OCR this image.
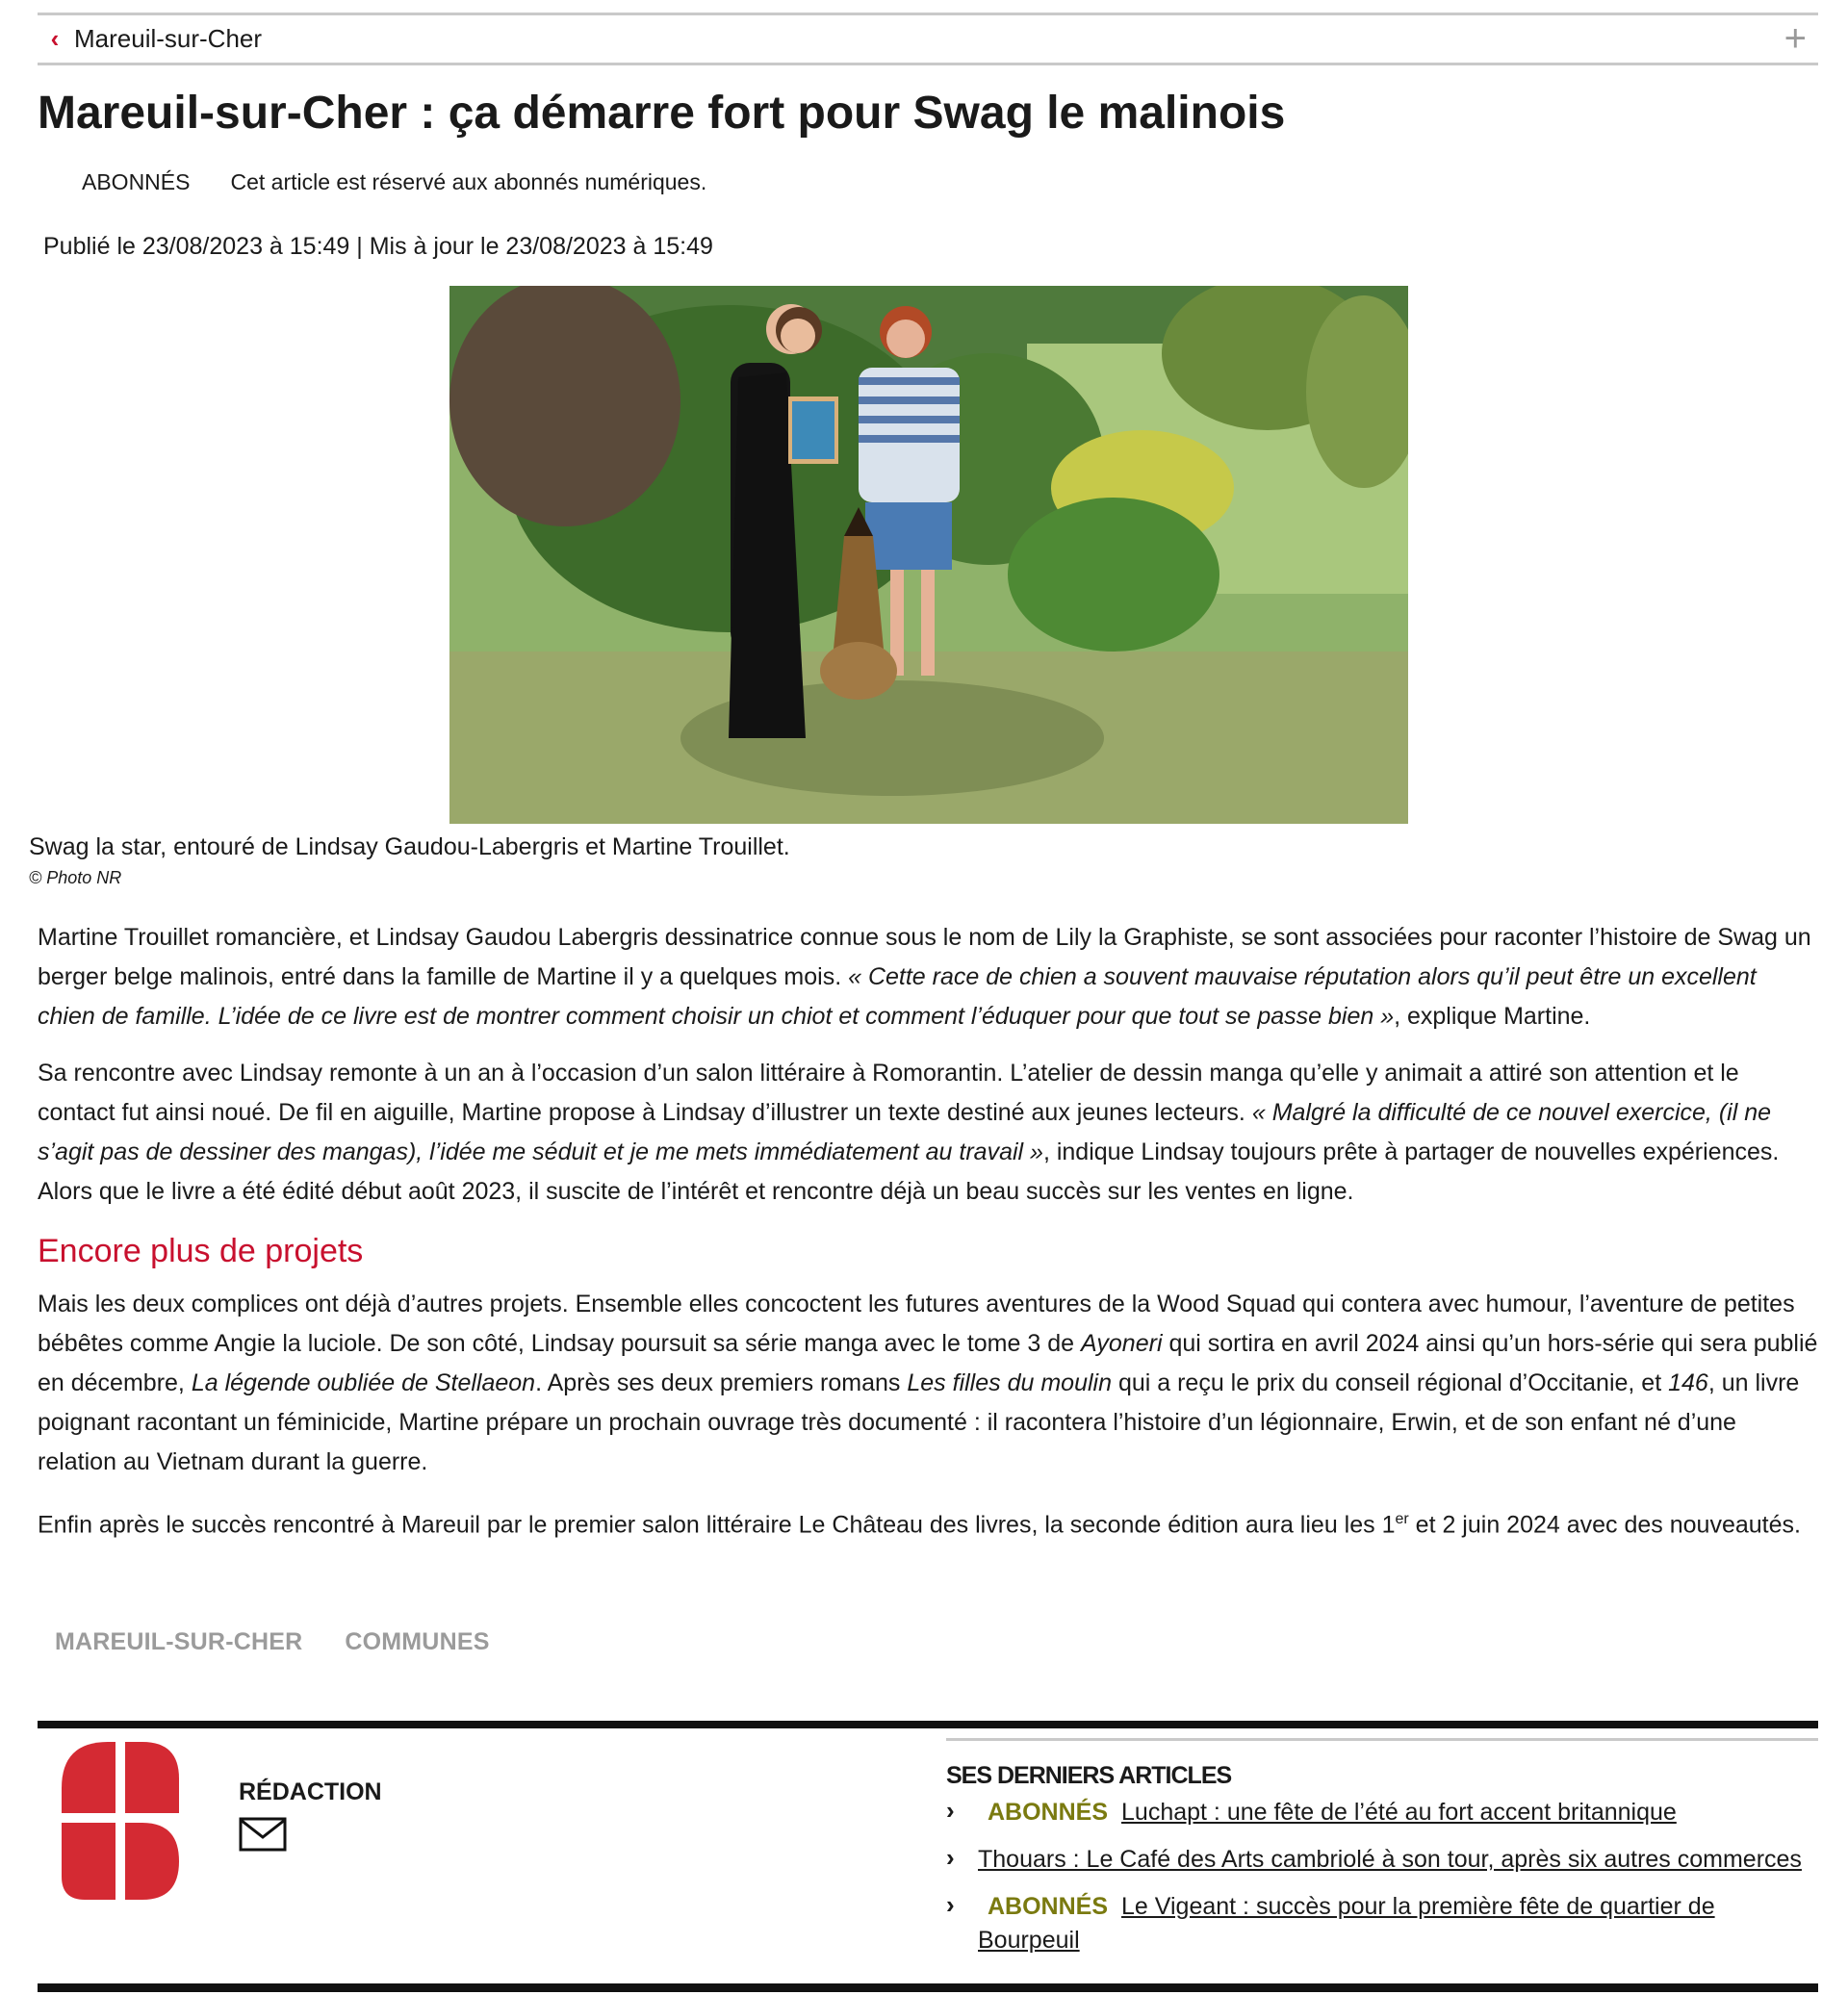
‹ Mareuil-sur-Cher	+
Mareuil-sur-Cher : ça démarre fort pour Swag le malinois
ABONNÉS Cet article est réservé aux abonnés numériques.
Publié le 23/08/2023 à 15:49 | Mis à jour le 23/08/2023 à 15:49
Swag la star, entouré de Lindsay Gaudou-Labergris et Martine Trouillet.
© Photo NR

Martine Trouillet romancière, et Lindsay Gaudou Labergris dessinatrice connue sous le nom de Lily la Graphiste, se sont associées pour raconter l’histoire de Swag un berger belge malinois, entré dans la famille de Martine il y a quelques mois. « Cette race de chien a souvent mauvaise réputation alors qu’il peut être un excellent chien de famille. L’idée de ce livre est de montrer comment choisir un chiot et comment l’éduquer pour que tout se passe bien », explique Martine.

Sa rencontre avec Lindsay remonte à un an à l’occasion d’un salon littéraire à Romorantin. L’atelier de dessin manga qu’elle y animait a attiré son attention et le contact fut ainsi noué. De fil en aiguille, Martine propose à Lindsay d’illustrer un texte destiné aux jeunes lecteurs. « Malgré la difficulté de ce nouvel exercice, (il ne s’agit pas de dessiner des mangas), l’idée me séduit et je me mets immédiatement au travail », indique Lindsay toujours prête à partager de nouvelles expériences. Alors que le livre a été édité début août 2023, il suscite de l’intérêt et rencontre déjà un beau succès sur les ventes en ligne.

Encore plus de projets

Mais les deux complices ont déjà d’autres projets. Ensemble elles concoctent les futures aventures de la Wood Squad qui contera avec humour, l’aventure de petites bébêtes comme Angie la luciole. De son côté, Lindsay poursuit sa série manga avec le tome 3 de Ayoneri qui sortira en avril 2024 ainsi qu’un hors-série qui sera publié en décembre, La légende oubliée de Stellaeon. Après ses deux premiers romans Les filles du moulin qui a reçu le prix du conseil régional d’Occitanie, et 146, un livre poignant racontant un féminicide, Martine prépare un prochain ouvrage très documenté : il racontera l’histoire d’un légionnaire, Erwin, et de son enfant né d’une relation au Vietnam durant la guerre.

Enfin après le succès rencontré à Mareuil par le premier salon littéraire Le Château des livres, la seconde édition aura lieu les 1er et 2 juin 2024 avec des nouveautés.

MAREUIL-SUR-CHER COMMUNES
RÉDACTION
SES DERNIERS ARTICLES
› ABONNÉS Luchapt : une fête de l’été au fort accent britannique
› Thouars : Le Café des Arts cambriolé à son tour, après six autres commerces
› ABONNÉS Le Vigeant : succès pour la première fête de quartier de Bourpeuil
